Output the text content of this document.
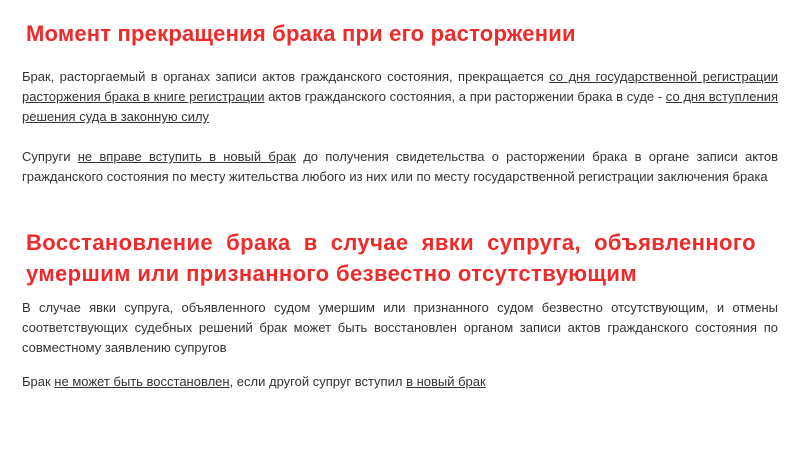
Момент прекращения брака при его расторжении
Брак, расторгаемый в органах записи актов гражданского состояния, прекращается со дня государственной регистрации расторжения брака в книге регистрации актов гражданского состояния, а при расторжении брака в суде - со дня вступления решения суда в законную силу
Супруги не вправе вступить в новый брак до получения свидетельства о расторжении брака в органе записи актов гражданского состояния по месту жительства любого из них или по месту государственной регистрации заключения брака
Восстановление брака в случае явки супруга, объявленного умершим или признанного безвестно отсутствующим
В случае явки супруга, объявленного судом умершим или признанного судом безвестно отсутствующим, и отмены соответствующих судебных решений брак может быть восстановлен органом записи актов гражданского состояния по совместному заявлению супругов
Брак не может быть восстановлен, если другой супруг вступил в новый брак
